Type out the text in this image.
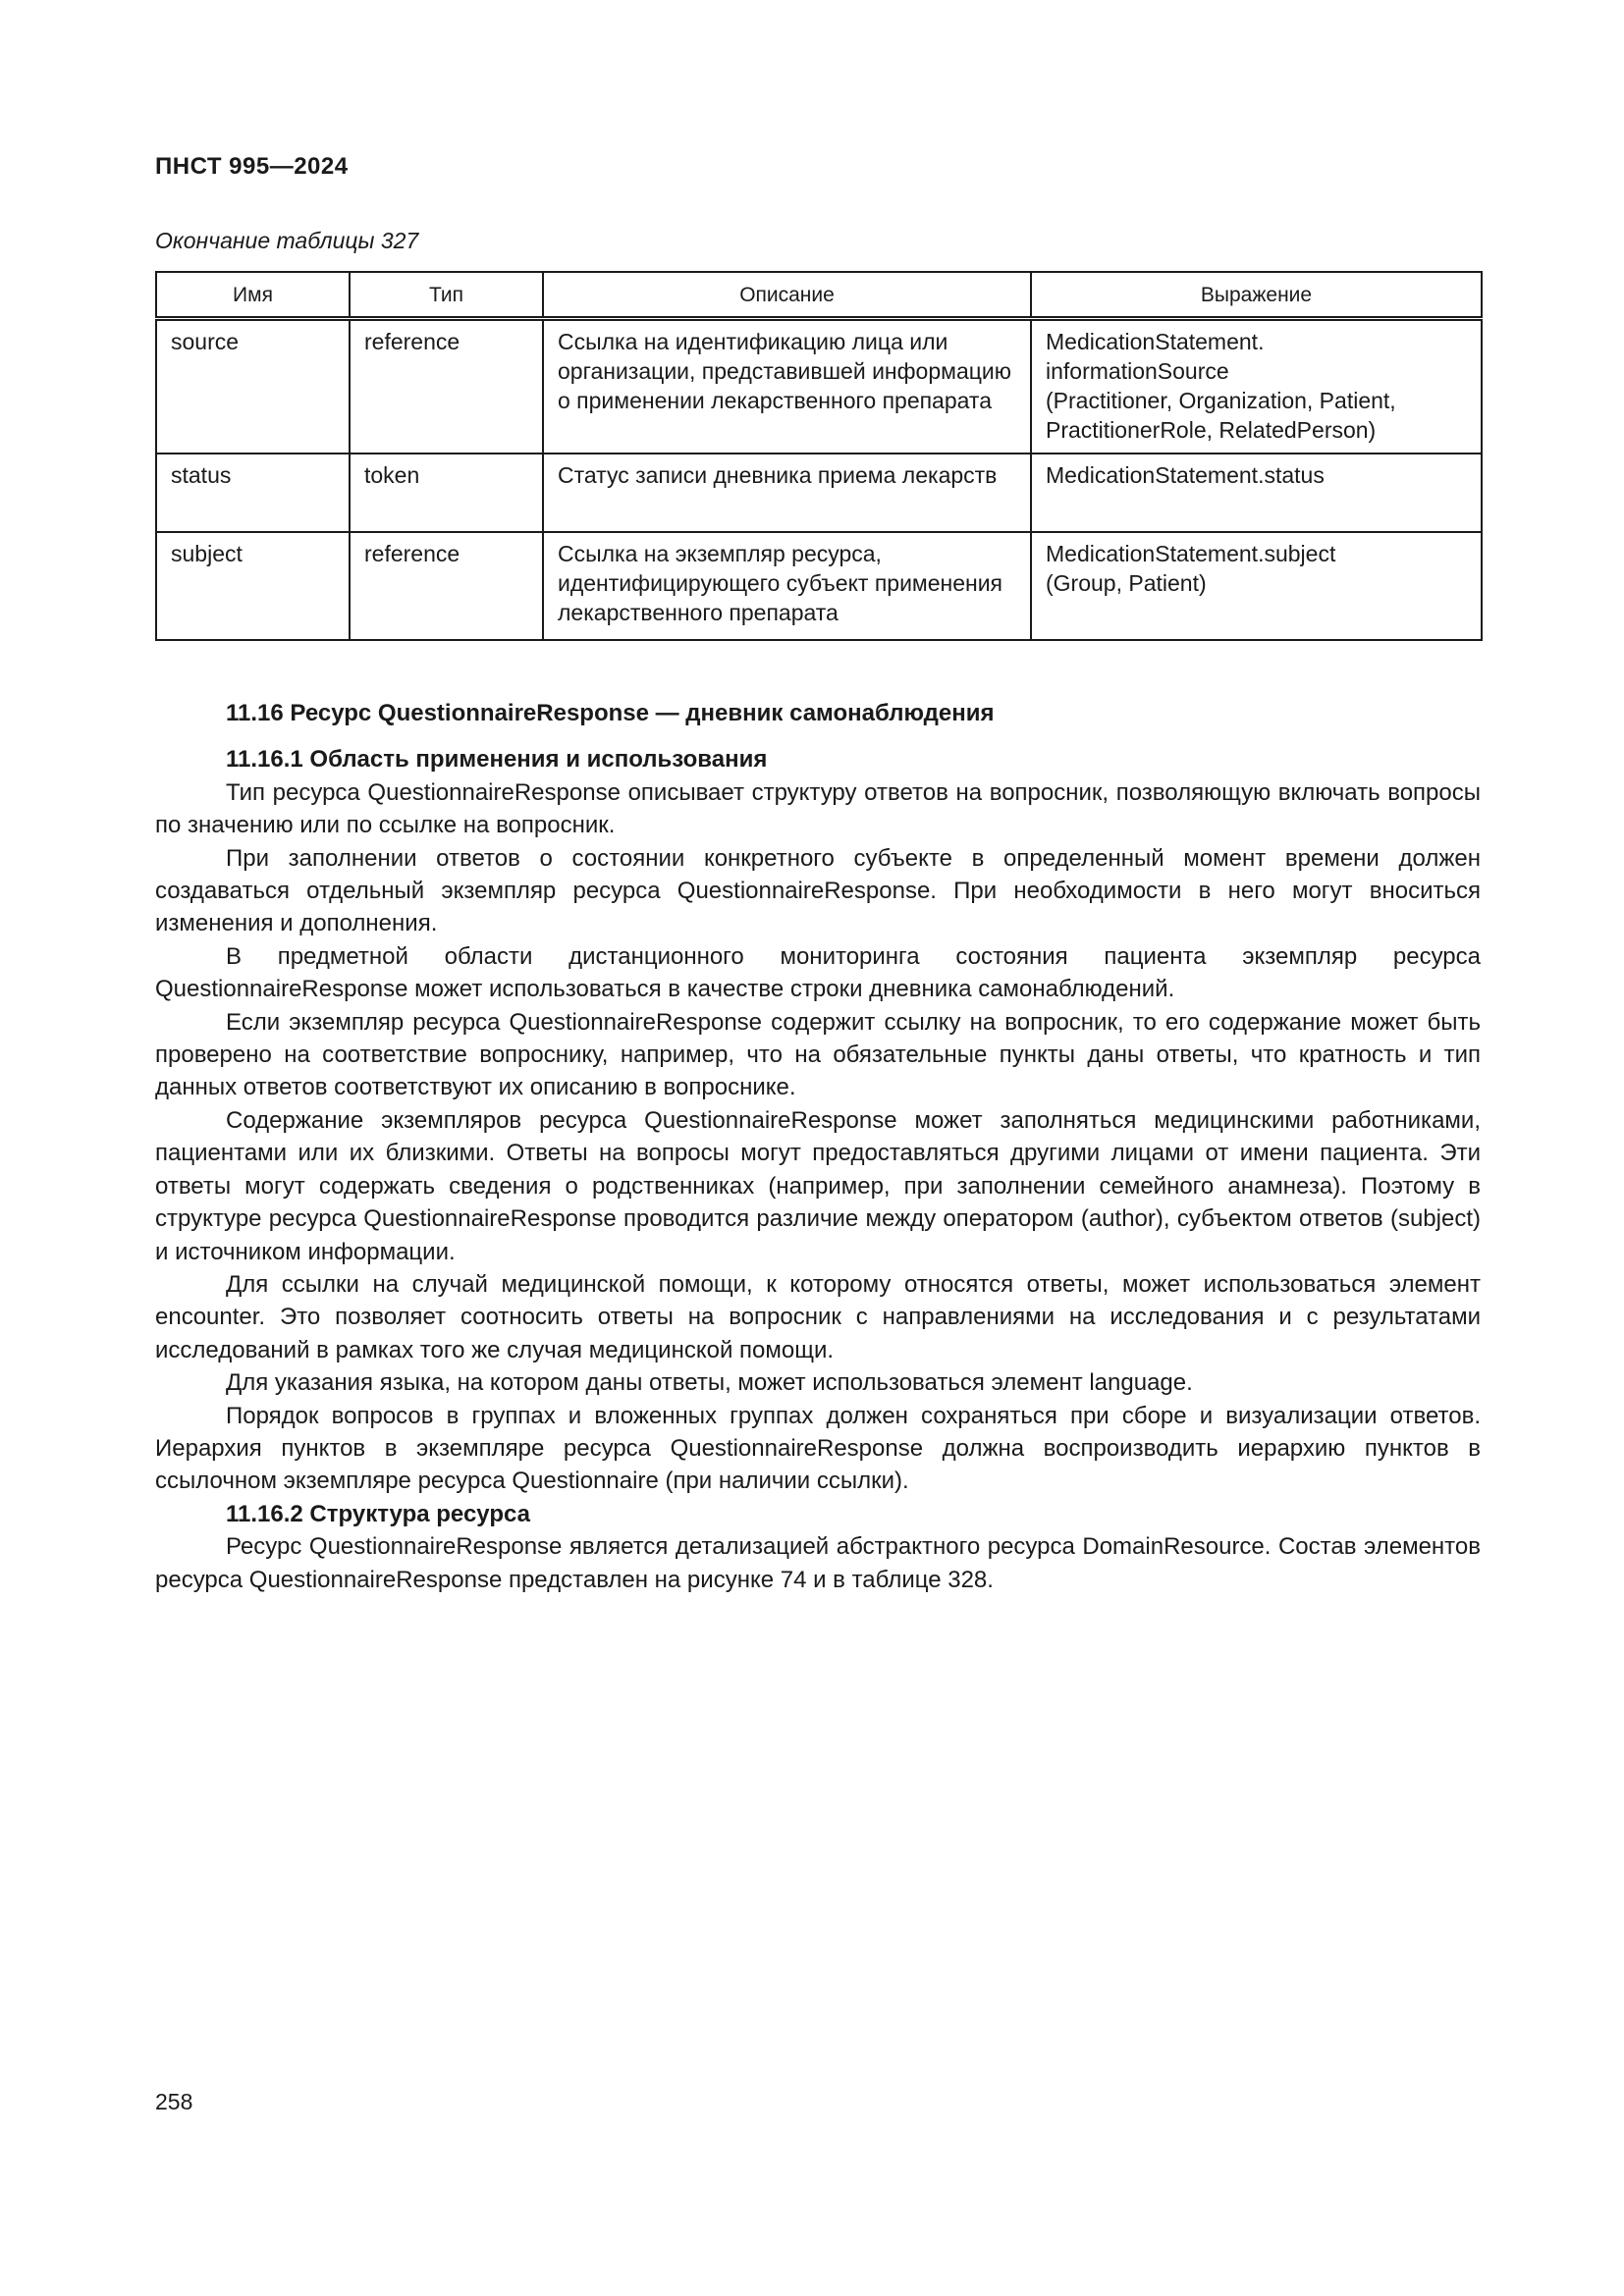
ПНСТ 995—2024
Окончание таблицы 327
Имя	Тип	Описание	Выражение
source	reference	Ссылка на идентификацию лица или организации, представившей информацию о применении лекарственного препарата	MedicationStatement.
informationSource
(Practitioner, Organization, Patient,
PractitionerRole, RelatedPerson)

status	token	Статус записи дневника приема лекарств	MedicationStatement.status

subject	reference	Ссылка на экземпляр ресурса, идентифицирующего субъект применения лекарственного препарата	MedicationStatement.subject
(Group, Patient)
11.16 Ресурс QuestionnaireResponse — дневник самонаблюдения
11.16.1 Область применения и использования

Тип ресурса QuestionnaireResponse описывает структуру ответов на вопросник, позволяющую включать вопросы по значению или по ссылке на вопросник.

При заполнении ответов о состоянии конкретного субъекте в определенный момент времени должен создаваться отдельный экземпляр ресурса QuestionnaireResponse. При необходимости в него могут вноситься изменения и дополнения.

В предметной области дистанционного мониторинга состояния пациента экземпляр ресурса QuestionnaireResponse может использоваться в качестве строки дневника самонаблюдений.

Если экземпляр ресурса QuestionnaireResponse содержит ссылку на вопросник, то его содержание может быть проверено на соответствие вопроснику, например, что на обязательные пункты даны ответы, что кратность и тип данных ответов соответствуют их описанию в вопроснике.

Содержание экземпляров ресурса QuestionnaireResponse может заполняться медицинскими работниками, пациентами или их близкими. Ответы на вопросы могут предоставляться другими лицами от имени пациента. Эти ответы могут содержать сведения о родственниках (например, при заполнении семейного анамнеза). Поэтому в структуре ресурса QuestionnaireResponse проводится различие между оператором (author), субъектом ответов (subject) и источником информации.

Для ссылки на случай медицинской помощи, к которому относятся ответы, может использоваться элемент encounter. Это позволяет соотносить ответы на вопросник с направлениями на исследования и с результатами исследований в рамках того же случая медицинской помощи.

Для указания языка, на котором даны ответы, может использоваться элемент language.

Порядок вопросов в группах и вложенных группах должен сохраняться при сборе и визуализации ответов. Иерархия пунктов в экземпляре ресурса QuestionnaireResponse должна воспроизводить иерархию пунктов в ссылочном экземпляре ресурса Questionnaire (при наличии ссылки).

11.16.2 Структура ресурса

Ресурс QuestionnaireResponse является детализацией абстрактного ресурса DomainResource. Состав элементов ресурса QuestionnaireResponse представлен на рисунке 74 и в таблице 328.

258
